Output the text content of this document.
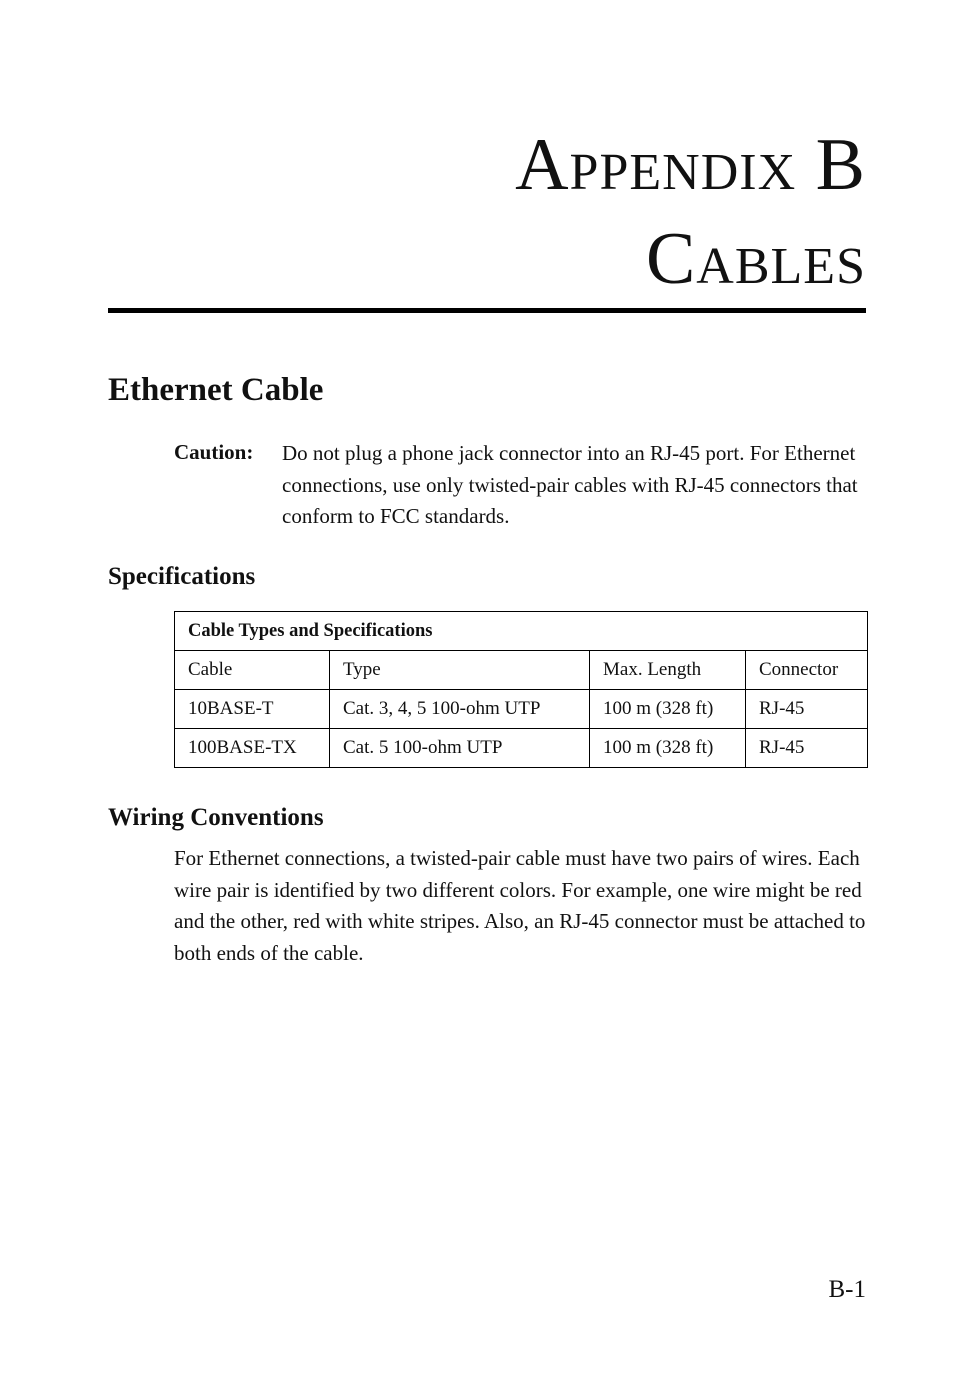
Appendix B
Cables
Ethernet Cable
Caution: Do not plug a phone jack connector into an RJ-45 port. For Ethernet connections, use only twisted-pair cables with RJ-45 connectors that conform to FCC standards.
Specifications
Cable Types and Specifications			
Cable	Type	Max. Length	Connector
10BASE-T	Cat. 3, 4, 5 100-ohm UTP	100 m (328 ft)	RJ-45
100BASE-TX	Cat. 5 100-ohm UTP	100 m (328 ft)	RJ-45
Wiring Conventions
For Ethernet connections, a twisted-pair cable must have two pairs of wires. Each wire pair is identified by two different colors. For example, one wire might be red and the other, red with white stripes. Also, an RJ-45 connector must be attached to both ends of the cable.
B-1
